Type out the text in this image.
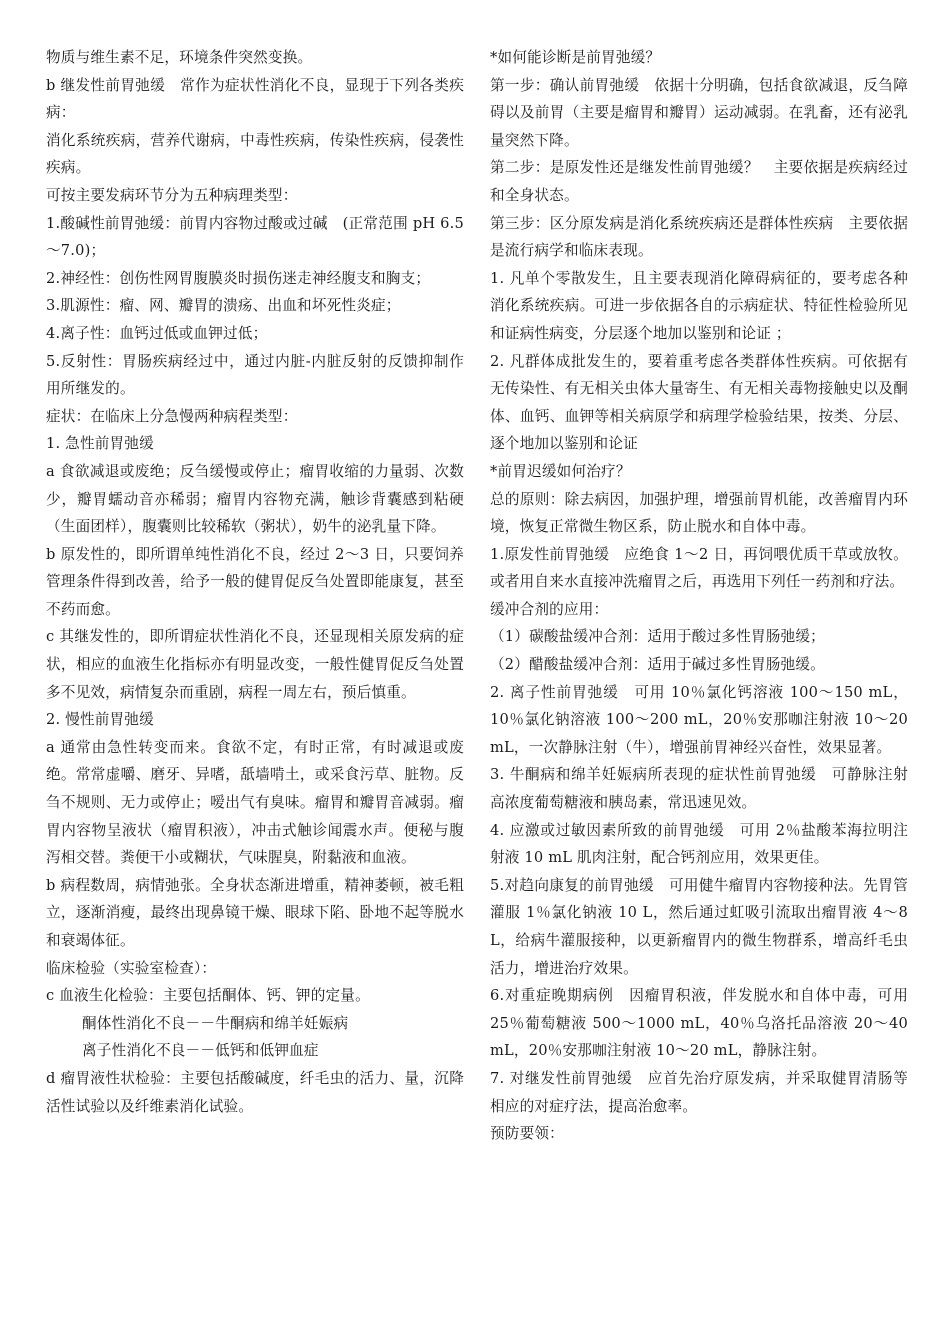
物质与维生素不足，环境条件突然变换。

b 继发性前胃弛缓　常作为症状性消化不良，显现于下列各类疾病：

消化系统疾病，营养代谢病，中毒性疾病，传染性疾病，侵袭性疾病。

可按主要发病环节分为五种病理类型：

1.酸碱性前胃弛缓：前胃内容物过酸或过碱　(正常范围 pH 6.5～7.0)；

2.神经性：创伤性网胃腹膜炎时损伤迷走神经腹支和胸支；

3.肌源性：瘤、网、瓣胃的溃疡、出血和坏死性炎症；

4.离子性：血钙过低或血钾过低；

5.反射性：胃肠疾病经过中，通过内脏-内脏反射的反馈抑制作用所继发的。

症状：在临床上分急慢两种病程类型：

1. 急性前胃弛缓

a 食欲减退或废绝；反刍缓慢或停止；瘤胃收缩的力量弱、次数少，瓣胃蠕动音亦稀弱；瘤胃内容物充满，触诊背囊感到粘硬（生面团样），腹囊则比较稀软（粥状），奶牛的泌乳量下降。

b 原发性的，即所谓单纯性消化不良，经过 2～3 日，只要饲养管理条件得到改善，给予一般的健胃促反刍处置即能康复，甚至不药而愈。

c 其继发性的，即所谓症状性消化不良，还显现相关原发病的症状，相应的血液生化指标亦有明显改变，一般性健胃促反刍处置多不见效，病情复杂而重剧，病程一周左右，预后慎重。

2. 慢性前胃弛缓

a 通常由急性转变而来。食欲不定，有时正常，有时减退或废绝。常常虚嚼、磨牙、异嗜，舐墙啃土，或采食污草、脏物。反刍不规则、无力或停止；嗳出气有臭味。瘤胃和瓣胃音减弱。瘤胃内容物呈液状（瘤胃积液），冲击式触诊闻震水声。便秘与腹泻相交替。粪便干小或糊状，气味腥臭，附黏液和血液。

b 病程数周，病情弛张。全身状态渐进增重，精神萎顿，被毛粗立，逐渐消瘦，最终出现鼻镜干燥、眼球下陷、卧地不起等脱水和衰竭体征。

临床检验（实验室检查）：

c 血液生化检验：主要包括酮体、钙、钾的定量。

酮体性消化不良－－牛酮病和绵羊妊娠病

离子性消化不良－－低钙和低钾血症

d 瘤胃液性状检验：主要包括酸碱度，纤毛虫的活力、量，沉降活性试验以及纤维素消化试验。

*如何能诊断是前胃弛缓？

第一步：确认前胃弛缓　依据十分明确，包括食欲减退，反刍障碍以及前胃（主要是瘤胃和瓣胃）运动减弱。在乳畜，还有泌乳量突然下降。

第二步：是原发性还是继发性前胃弛缓？　主要依据是疾病经过和全身状态。

第三步：区分原发病是消化系统疾病还是群体性疾病　主要依据是流行病学和临床表现。

1. 凡单个零散发生，且主要表现消化障碍病征的，要考虑各种消化系统疾病。可进一步依据各自的示病症状、特征性检验所见和证病性病变，分层逐个地加以鉴别和论证 ；

2. 凡群体成批发生的，要着重考虑各类群体性疾病。可依据有无传染性、有无相关虫体大量寄生、有无相关毒物接触史以及酮体、血钙、血钾等相关病原学和病理学检验结果，按类、分层、逐个地加以鉴别和论证

*前胃迟缓如何治疗？

总的原则：除去病因，加强护理，增强前胃机能，改善瘤胃内环境，恢复正常微生物区系，防止脱水和自体中毒。

1.原发性前胃弛缓　应绝食 1～2 日，再饲喂优质干草或放牧。或者用自来水直接冲洗瘤胃之后，再选用下列任一药剂和疗法。

缓冲合剂的应用：

（1）碳酸盐缓冲合剂：适用于酸过多性胃肠弛缓；

（2）醋酸盐缓冲合剂：适用于碱过多性胃肠弛缓。

2. 离子性前胃弛缓　可用 10％氯化钙溶液 100～150 mL，10％氯化钠溶液 100～200 mL，20％安那咖注射液 10～20 mL，一次静脉注射（牛），增强前胃神经兴奋性，效果显著。

3. 牛酮病和绵羊妊娠病所表现的症状性前胃弛缓　可静脉注射高浓度葡萄糖液和胰岛素，常迅速见效。

4. 应激或过敏因素所致的前胃弛缓　可用 2％盐酸苯海拉明注射液 10 mL 肌肉注射，配合钙剂应用，效果更佳。

5.对趋向康复的前胃弛缓　可用健牛瘤胃内容物接种法。先胃管灌服 1％氯化钠液 10 L，然后通过虹吸引流取出瘤胃液 4～8 L，给病牛灌服接种，以更新瘤胃内的微生物群系，增高纤毛虫活力，增进治疗效果。

6.对重症晚期病例　因瘤胃积液，伴发脱水和自体中毒，可用 25％葡萄糖液 500～1000 mL，40％乌洛托品溶液 20～40 mL，20％安那咖注射液 10～20 mL，静脉注射。

7. 对继发性前胃弛缓　应首先治疗原发病，并采取健胃清肠等相应的对症疗法，提高治愈率。

预防要领：
